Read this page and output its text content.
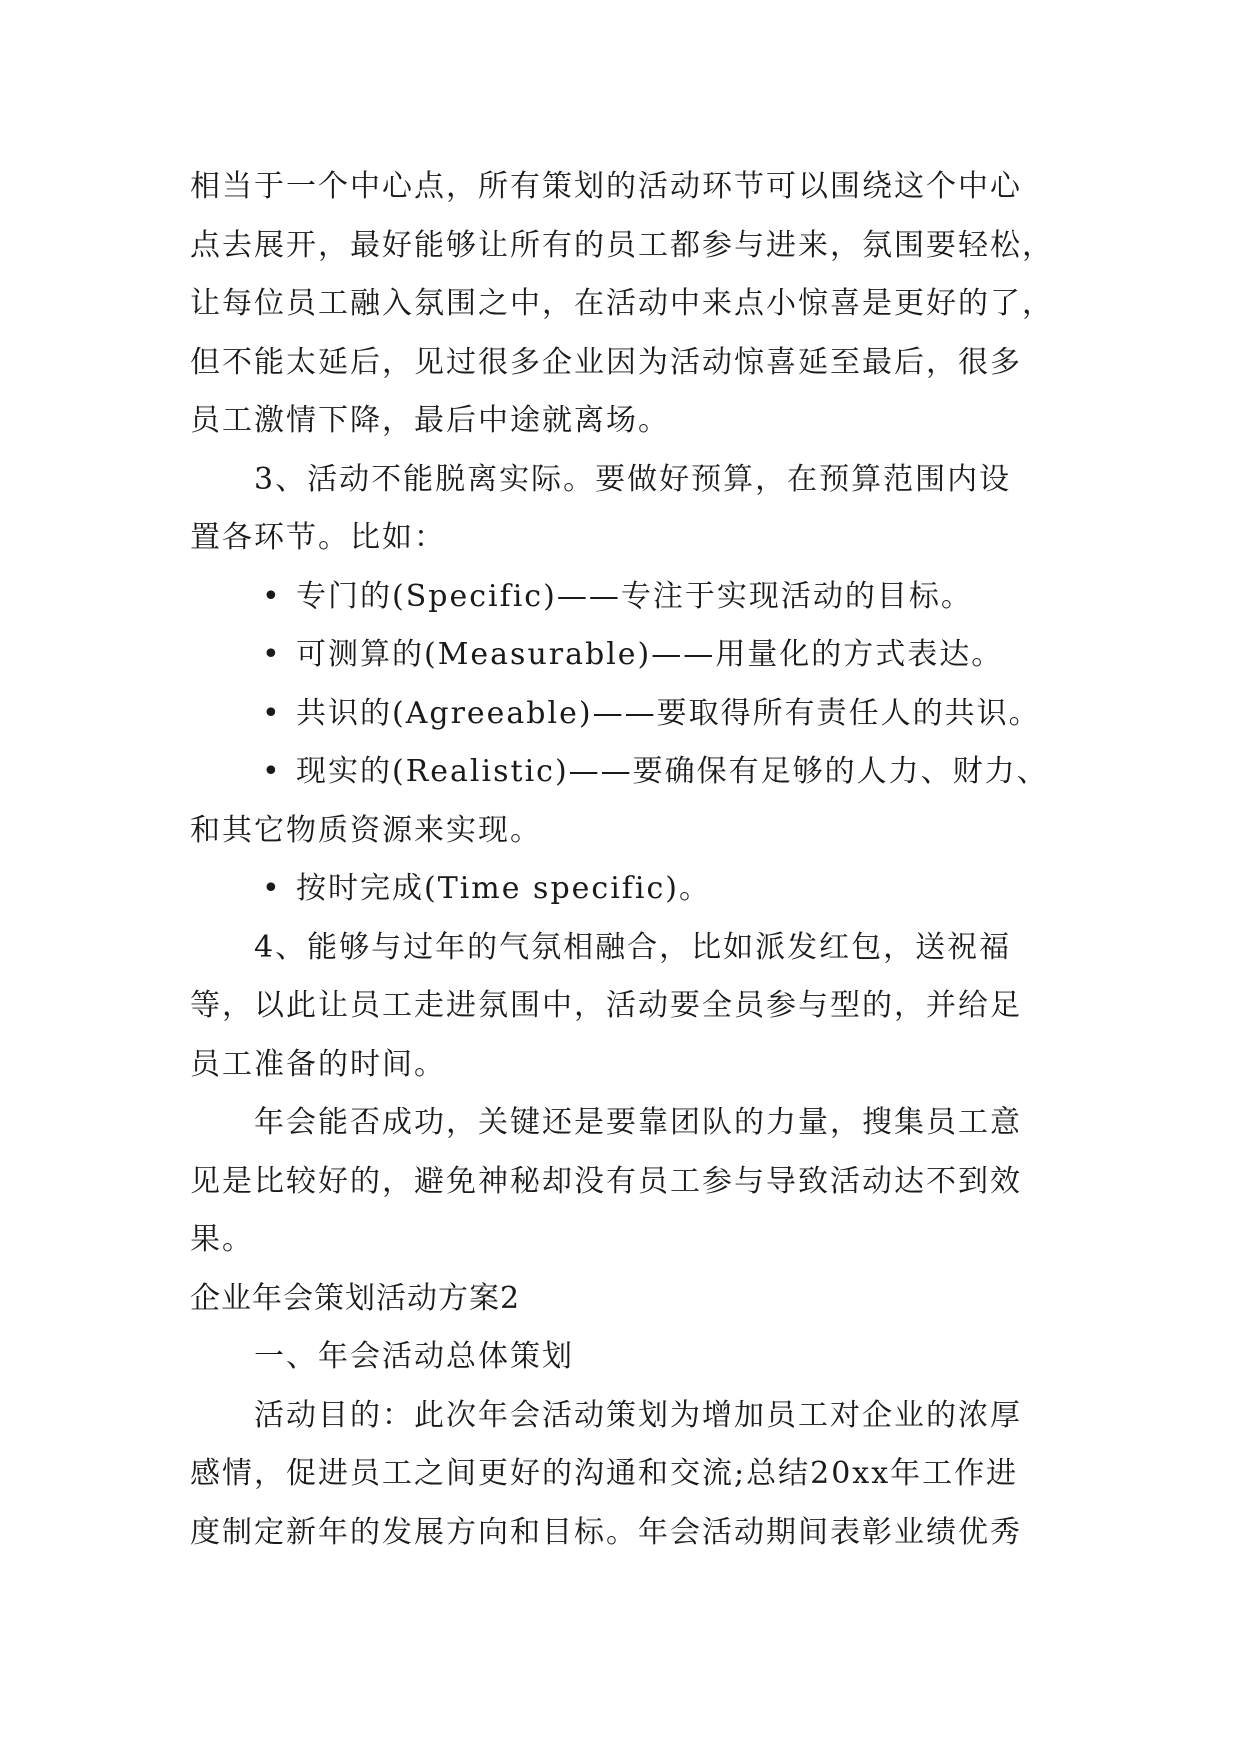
相当于一个中心点，所有策划的活动环节可以围绕这个中心
点去展开，最好能够让所有的员工都参与进来，氛围要轻松，
让每位员工融入氛围之中，在活动中来点小惊喜是更好的了，
但不能太延后，见过很多企业因为活动惊喜延至最后，很多
员工激情下降，最后中途就离场。
3、活动不能脱离实际。要做好预算，在预算范围内设
置各环节。比如：
• 专门的(Specific)——专注于实现活动的目标。
• 可测算的(Measurable)——用量化的方式表达。
• 共识的(Agreeable)——要取得所有责任人的共识。
• 现实的(Realistic)——要确保有足够的人力、财力、
和其它物质资源来实现。
• 按时完成(Time specific)。
4、能够与过年的气氛相融合，比如派发红包，送祝福
等，以此让员工走进氛围中，活动要全员参与型的，并给足
员工准备的时间。
年会能否成功，关键还是要靠团队的力量，搜集员工意
见是比较好的，避免神秘却没有员工参与导致活动达不到效
果。
企业年会策划活动方案2
一、年会活动总体策划
活动目的：此次年会活动策划为增加员工对企业的浓厚
感情，促进员工之间更好的沟通和交流;总结20xx年工作进
度制定新年的发展方向和目标。年会活动期间表彰业绩优秀
